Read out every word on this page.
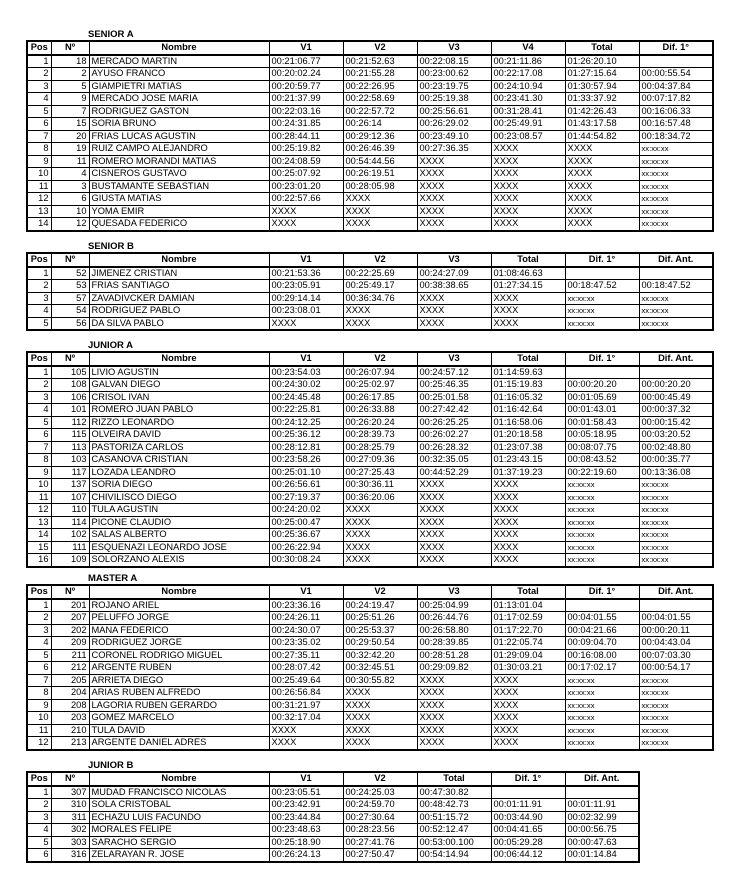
SENIOR A
Pos	Nº	Nombre	V1	V2	V3	V4	Total	Dif. 1°
1	18	MERCADO MARTIN	00:21:06.77	00:21:52.63	00:22:08.15	00:21:11.86	01:26:20.10	
2	2	AYUSO FRANCO	00:20:02.24	00:21:55.28	00:23:00.62	00:22:17.08	01:27:15.64	00:00:55.54
3	5	GIAMPIETRI MATIAS	00:20:59.77	00:22:26.95	00:23:19.75	00:24:10.94	01:30:57.94	00:04:37.84
4	9	MERCADO JOSE MARIA	00:21:37.99	00:22:58.69	00:25:19.38	00:23:41.30	01:33:37.92	00:07:17.82
5	7	RODRIGUEZ GASTON	00:22:03.16	00:22:57.72	00:25:56.61	00:31:28.41	01:42:26.43	00:16:06.33
6	15	SORIA BRUNO	00:24:31.85	00:26:14	00:26:29.02	00:25:49.91	01:43:17.58	00:16:57.48
7	20	FRIAS LUCAS AGUSTIN	00:28:44.11	00:29:12.36	00:23:49.10	00:23:08.57	01:44:54.82	00:18:34.72
8	19	RUIZ CAMPO ALEJANDRO	00:25:19.82	00:26:46.39	00:27:36.35	XXXX	XXXX	xx:xx:xx
9	11	ROMERO MORANDI MATIAS	00:24:08.59	00:54:44.56	XXXX	XXXX	XXXX	xx:xx:xx
10	4	CISNEROS GUSTAVO	00:25:07.92	00:26:19.51	XXXX	XXXX	XXXX	xx:xx:xx
11	3	BUSTAMANTE SEBASTIAN	00:23:01.20	00:28:05.98	XXXX	XXXX	XXXX	xx:xx:xx
12	6	GIUSTA MATIAS	00:22:57.66	XXXX	XXXX	XXXX	XXXX	xx:xx:xx
13	10	YOMA EMIR	XXXX	XXXX	XXXX	XXXX	XXXX	xx:xx:xx
14	12	QUESADA FEDERICO	XXXX	XXXX	XXXX	XXXX	XXXX	xx:xx:xx
SENIOR B
Pos	Nº	Nombre	V1	V2	V3	Total	Dif. 1°	Dif. Ant.
1	52	JIMENEZ CRISTIAN	00:21:53.36	00:22:25.69	00:24:27.09	01:08:46.63		
2	53	FRIAS SANTIAGO	00:23:05.91	00:25:49.17	00:38:38.65	01:27:34.15	00:18:47.52	00:18:47.52
3	57	ZAVADIVCKER DAMIAN	00:29:14.14	00:36:34.76	XXXX	XXXX	xx:xx:xx	xx:xx:xx
4	54	RODRIGUEZ PABLO	00:23:08.01	XXXX	XXXX	XXXX	xx:xx:xx	xx:xx:xx
5	56	DA SILVA PABLO	XXXX	XXXX	XXXX	XXXX	xx:xx:xx	xx:xx:xx
JUNIOR A
Pos	Nº	Nombre	V1	V2	V3	Total	Dif. 1°	Dif. Ant.
1	105	LIVIO AGUSTIN	00:23:54.03	00:26:07.94	00:24:57.12	01:14:59.63		
2	108	GALVAN DIEGO	00:24:30.02	00:25:02.97	00:25:46.35	01:15:19.83	00:00:20.20	00:00:20.20
3	106	CRISOL IVAN	00:24:45.48	00:26:17.85	00:25:01.58	01:16:05.32	00:01:05.69	00:00:45.49
4	101	ROMERO JUAN PABLO	00:22:25.81	00:26:33.88	00:27:42.42	01:16:42.64	00:01:43.01	00:00:37.32
5	112	RIZZO LEONARDO	00:24:12.25	00:26:20.24	00:26:25.25	01:16:58.06	00:01:58.43	00:00:15.42
6	115	OLVEIRA DAVID	00:25:36.12	00:28:39.73	00:26:02.27	01:20:18.58	00:05:18.95	00:03:20.52
7	113	PASTORIZA CARLOS	00:28:12.81	00:28:25.79	00:26:28.32	01:23:07.38	00:08:07.75	00:02:48.80
8	103	CASANOVA CRISTIAN	00:23:58.26	00:27:09.36	00:32:35.05	01:23:43.15	00:08:43.52	00:00:35.77
9	117	LOZADA LEANDRO	00:25:01.10	00:27:25.43	00:44:52.29	01:37:19.23	00:22:19.60	00:13:36.08
10	137	SORIA DIEGO	00:26:56.61	00:30:36.11	XXXX	XXXX	xx:xx:xx	xx:xx:xx
11	107	CHIVILISCO DIEGO	00:27:19.37	00:36:20.06	XXXX	XXXX	xx:xx:xx	xx:xx:xx
12	110	TULA AGUSTIN	00:24:20.02	XXXX	XXXX	XXXX	xx:xx:xx	xx:xx:xx
13	114	PICONE CLAUDIO	00:25:00.47	XXXX	XXXX	XXXX	xx:xx:xx	xx:xx:xx
14	102	SALAS ALBERTO	00:25:36.67	XXXX	XXXX	XXXX	xx:xx:xx	xx:xx:xx
15	111	ESQUENAZI LEONARDO JOSE	00:26:22.94	XXXX	XXXX	XXXX	xx:xx:xx	xx:xx:xx
16	109	SOLORZANO ALEXIS	00:30:08.24	XXXX	XXXX	XXXX	xx:xx:xx	xx:xx:xx
MASTER A
Pos	Nº	Nombre	V1	V2	V3	Total	Dif. 1°	Dif. Ant.
1	201	ROJANO ARIEL	00:23:36.16	00:24:19.47	00:25:04.99	01:13:01.04		
2	207	PELUFFO JORGE	00:24:26.11	00:25:51.26	00:26:44.76	01:17:02.59	00:04:01.55	00:04:01.55
3	202	MANA FEDERICO	00:24:30.07	00:25:53.37	00:26:58.80	01:17:22.70	00:04:21.66	00:00:20.11
4	209	RODRIGUEZ JORGE	00:23:35.02	00:29:50.54	00:28:39.85	01:22:05.74	00:09:04.70	00:04:43.04
5	211	CORONEL RODRIGO MIGUEL	00:27:35.11	00:32:42.20	00:28:51.28	01:29:09.04	00:16:08.00	00:07:03.30
6	212	ARGENTE RUBEN	00:28:07.42	00:32:45.51	00:29:09.82	01:30:03.21	00:17:02.17	00:00:54.17
7	205	ARRIETA DIEGO	00:25:49.64	00:30:55.82	XXXX	XXXX	xx:xx:xx	xx:xx:xx
8	204	ARIAS RUBEN ALFREDO	00:26:56.84	XXXX	XXXX	XXXX	xx:xx:xx	xx:xx:xx
9	208	LAGORIA RUBEN GERARDO	00:31:21.97	XXXX	XXXX	XXXX	xx:xx:xx	xx:xx:xx
10	203	GOMEZ MARCELO	00:32:17.04	XXXX	XXXX	XXXX	xx:xx:xx	xx:xx:xx
11	210	TULA DAVID	XXXX	XXXX	XXXX	XXXX	xx:xx:xx	xx:xx:xx
12	213	ARGENTE DANIEL ADRES	XXXX	XXXX	XXXX	XXXX	xx:xx:xx	xx:xx:xx
JUNIOR B
Pos	Nº	Nombre	V1	V2	Total	Dif. 1°	Dif. Ant.
1	307	MUDAD FRANCISCO NICOLAS	00:23:05.51	00:24:25.03	00:47:30.82		
2	310	SOLA CRISTOBAL	00:23:42.91	00:24:59.70	00:48:42.73	00:01:11.91	00:01:11.91
3	311	ECHAZU LUIS FACUNDO	00:23:44.84	00:27:30.64	00:51:15.72	00:03:44.90	00:02:32.99
4	302	MORALES FELIPE	00:23:48.63	00:28:23.56	00:52:12.47	00:04:41.65	00:00:56.75
5	303	SARACHO SERGIO	00:25:18.90	00:27:41.76	00:53:00.100	00:05:29.28	00:00:47.63
6	316	ZELARAYAN R. JOSE	00:26:24.13	00:27:50.47	00:54:14.94	00:06:44.12	00:01:14.84
